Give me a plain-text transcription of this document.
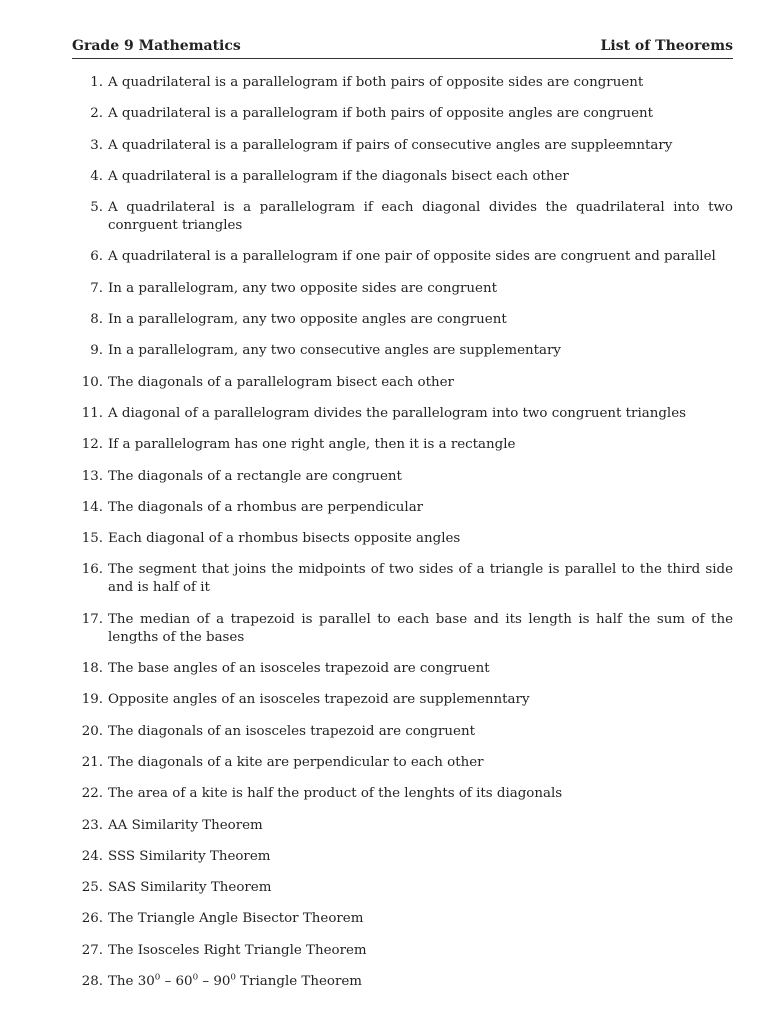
Grade 9 Mathematics	List of Theorems
1. A quadrilateral is a parallelogram if both pairs of opposite sides are congruent
2. A quadrilateral is a parallelogram if both pairs of opposite angles are congruent
3. A quadrilateral is a parallelogram if pairs of consecutive angles are suppleemntary
4. A quadrilateral is a parallelogram if the diagonals bisect each other
5. A quadrilateral is a parallelogram if each diagonal divides the quadrilateral into two conrguent triangles
6. A quadrilateral is a parallelogram if one pair of opposite sides are congruent and parallel
7. In a parallelogram, any two opposite sides are congruent
8. In a parallelogram, any two opposite angles are congruent
9. In a parallelogram, any two consecutive angles are supplementary
10. The diagonals of a parallelogram bisect each other
11. A diagonal of a parallelogram divides the parallelogram into two congruent triangles
12. If a parallelogram has one right angle, then it is a rectangle
13. The diagonals of a rectangle are congruent
14. The diagonals of a rhombus are perpendicular
15. Each diagonal of a rhombus bisects opposite angles
16. The segment that joins the midpoints of two sides of a triangle is parallel to the third side and is half of it
17. The median of a trapezoid is parallel to each base and its length is half the sum of the lengths of the bases
18. The base angles of an isosceles trapezoid are congruent
19. Opposite angles of an isosceles trapezoid are supplemenntary
20. The diagonals of an isosceles trapezoid are congruent
21. The diagonals of a kite are perpendicular to each other
22. The area of a kite is half the product of the lenghts of its diagonals
23. AA Similarity Theorem
24. SSS Similarity Theorem
25. SAS Similarity Theorem
26. The Triangle Angle Bisector Theorem
27. The Isosceles Right Triangle Theorem
28. The $30^0 - 60^0 - 90^0$ Triangle Theorem
